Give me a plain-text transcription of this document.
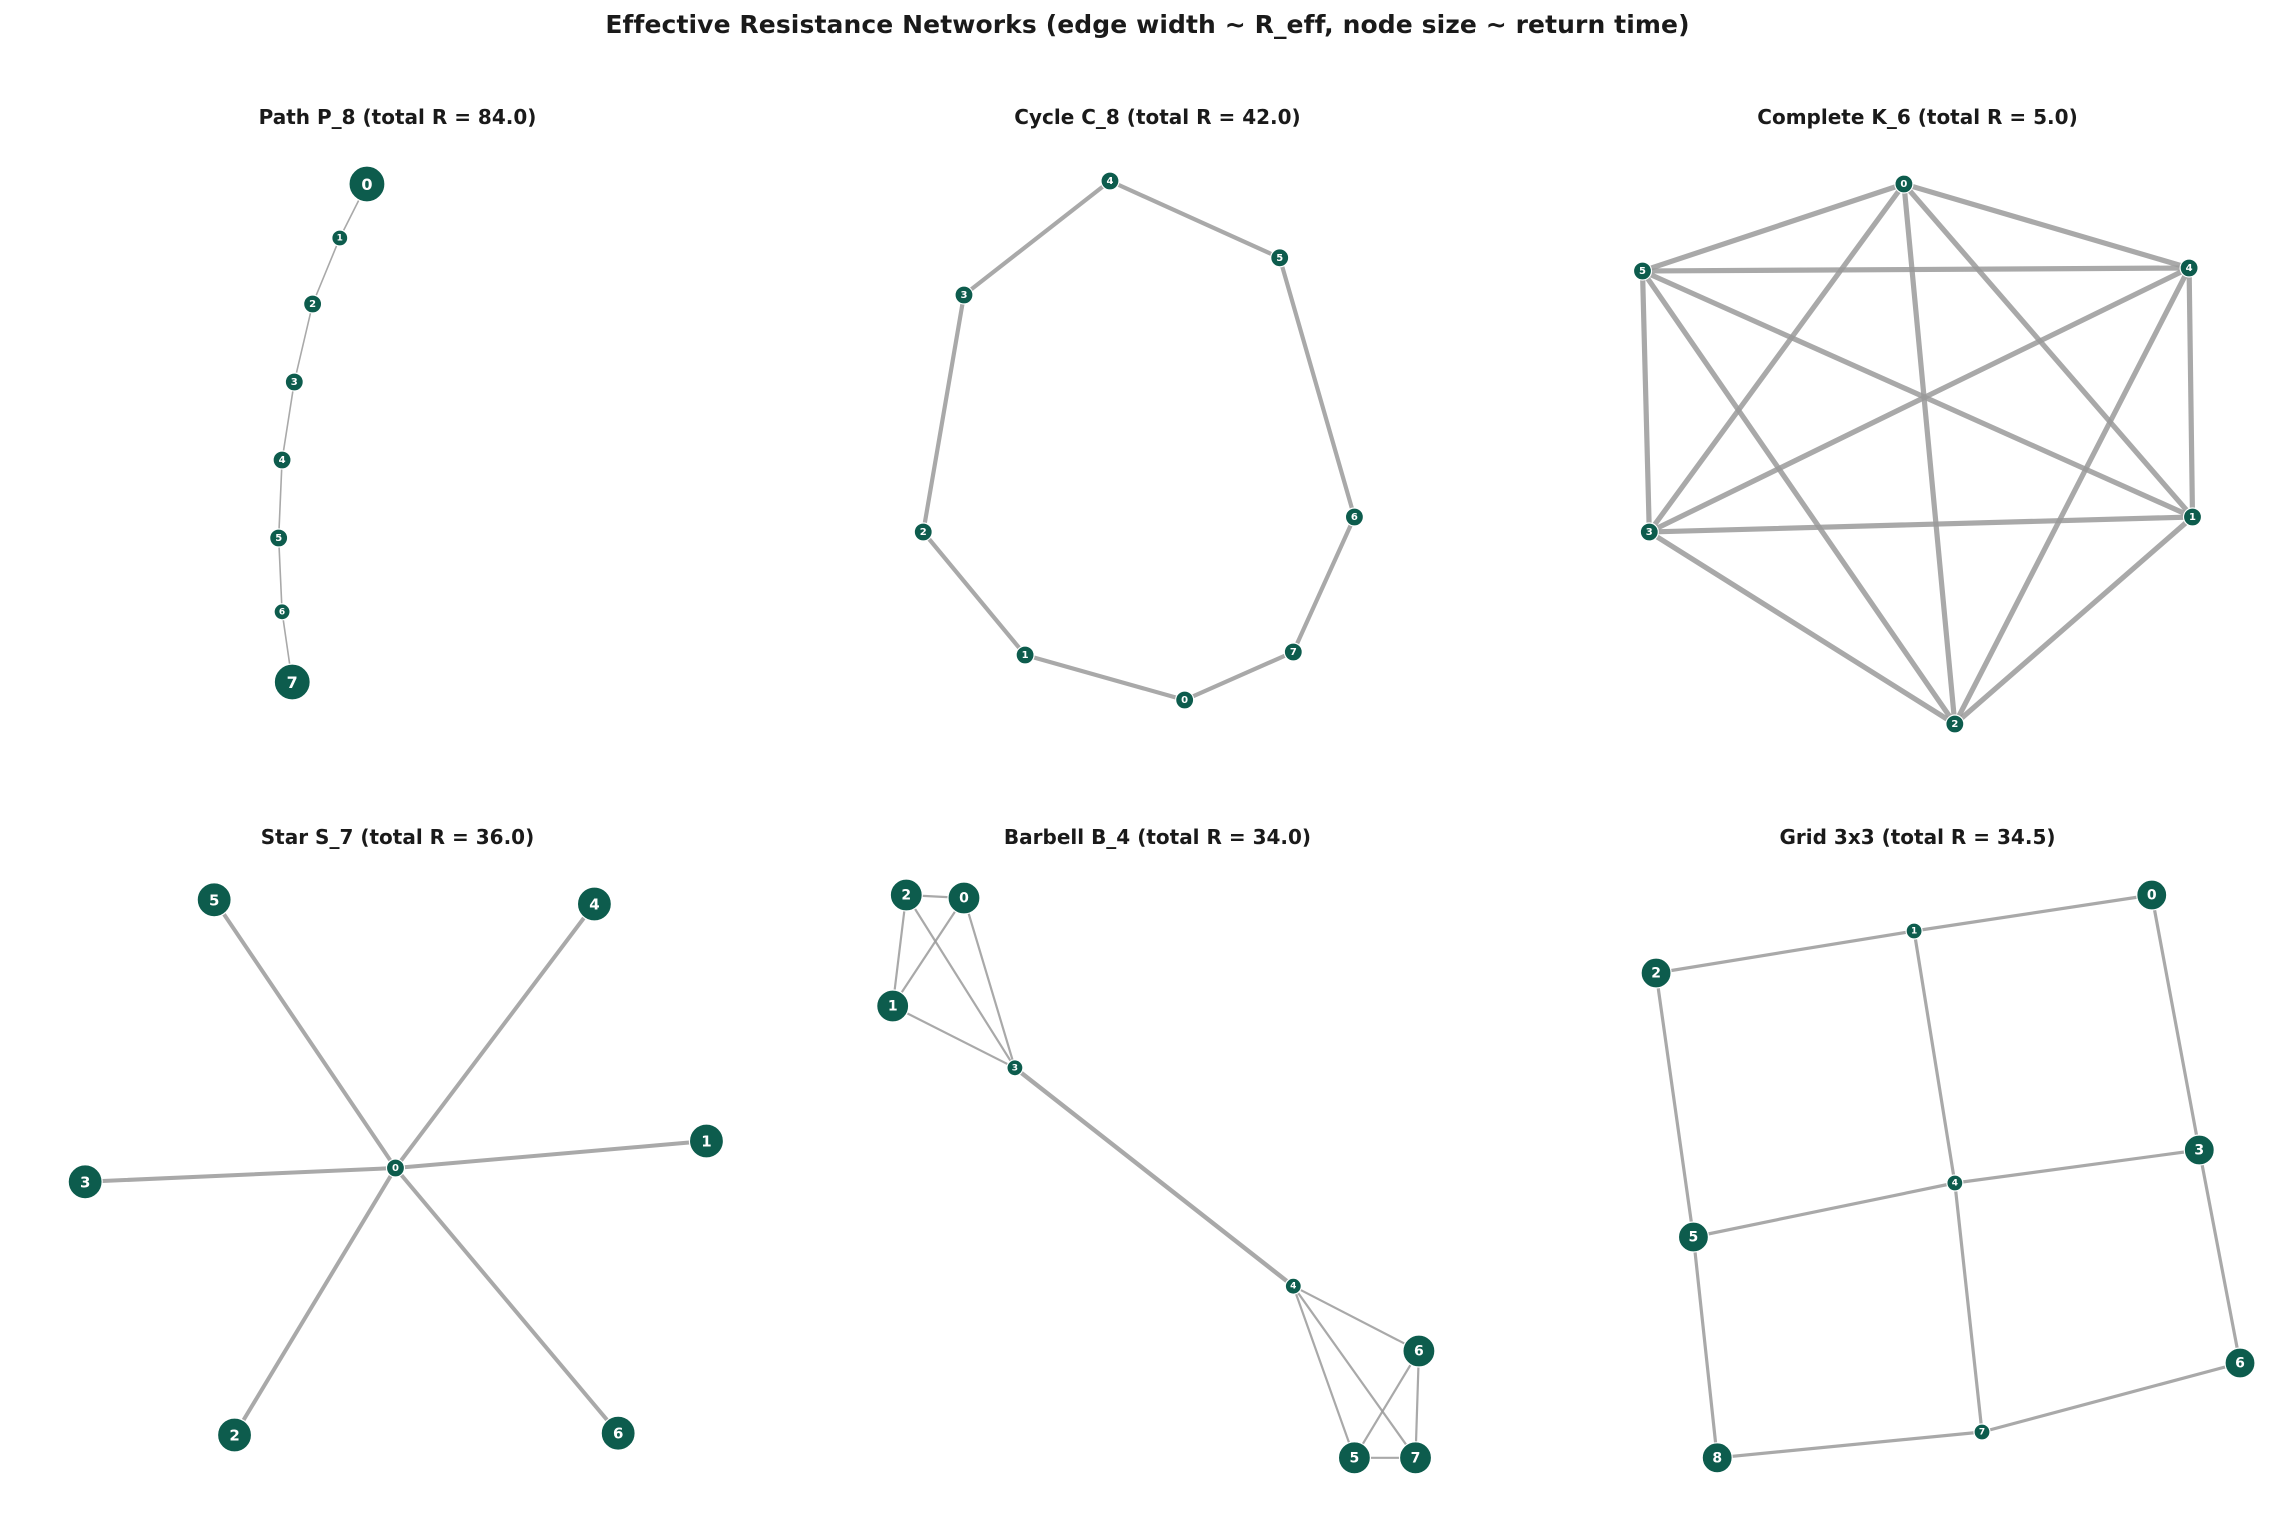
Effective Resistance Networks (edge width ~ R_eff, node size ~ return time)
Path P_8 (total R = 84.0)
0
1
2
3
4
5
6
7
Cycle C_8 (total R = 42.0)
0
1
2
3
4
5
6
7
Complete K_6 (total R = 5.0)
0
1
2
3
4
5
Star S_7 (total R = 36.0)
0
1
2
3
4
5
6
Barbell B_4 (total R = 34.0)
0
1
2
3
4
5
6
7
Grid 3x3 (total R = 34.5)
0
1
2
3
4
5
6
7
8
